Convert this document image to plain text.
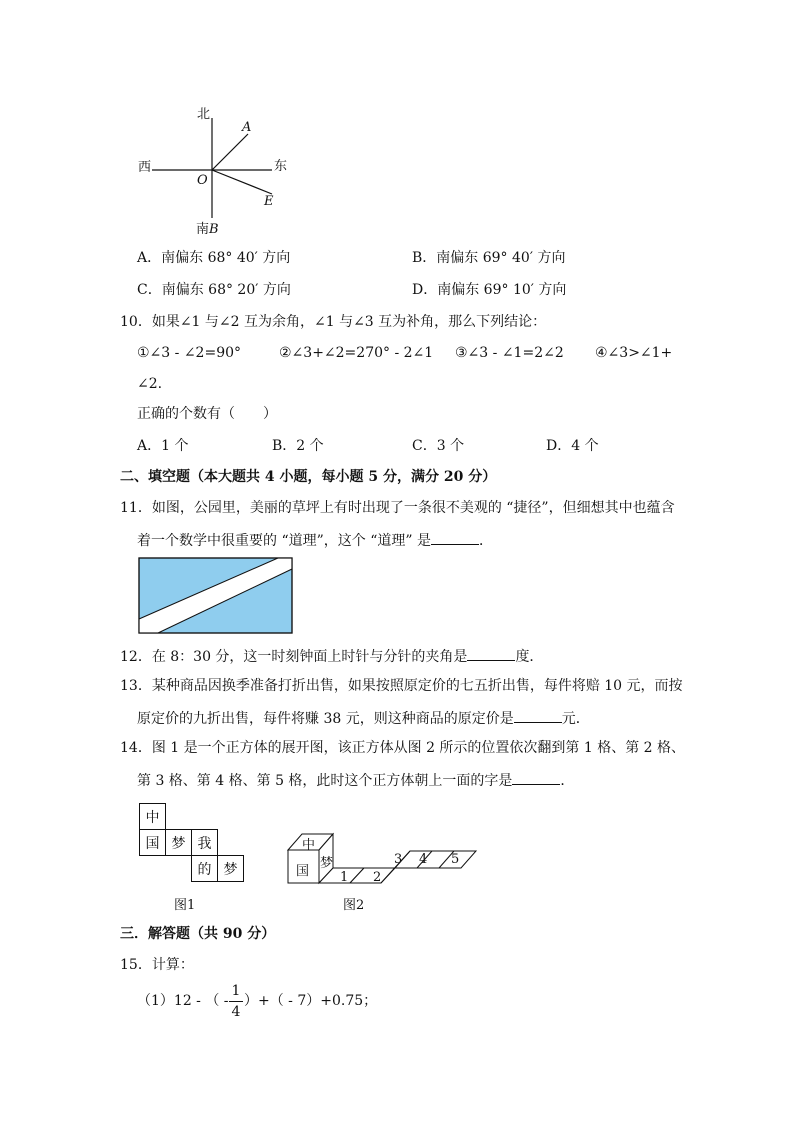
北
西	东
A
O
E
南B
A．南偏东 68° 40′ 方向	B．南偏东 69° 40′ 方向
C．南偏东 68° 20′ 方向	D．南偏东 69° 10′ 方向
10．如果∠1 与∠2 互为余角，∠1 与∠3 互为补角，那么下列结论：
①∠3 - ∠2=90°	②∠3+∠2=270° - 2∠1 ③∠3 - ∠1=2∠2 ④∠3>∠1+
∠2.
正确的个数有（　　）
A．1 个	B．2 个	C．3 个	D．4 个
二、填空题（本大题共 4 小题，每小题 5 分，满分 20 分）
11．如图，公园里，美丽的草坪上有时出现了一条很不美观的 “捷径”，但细想其中也蕴含
着一个数学中很重要的 “道理”，这个 “道理” 是	．
12．在 8：30 分，这一时刻钟面上时针与分针的夹角是	度．
13．某种商品因换季准备打折出售，如果按照原定价的七五折出售，每件将赔 10 元，而按
原定价的九折出售，每件将赚 38 元，则这种商品的原定价是	元．
14．图 1 是一个正方体的展开图，该正方体从图 2 所示的位置依次翻到第 1 格、第 2 格、
第 3 格、第 4 格、第 5 格，此时这个正方体朝上一面的字是	．
中
国 梦 我
的 梦
图1
中
国
梦
1 2
3 4 5
图2
三．解答题（共 90 分）
15．计算：
（1）12 - （ -
1
4
）+（ - 7）+0.75；
